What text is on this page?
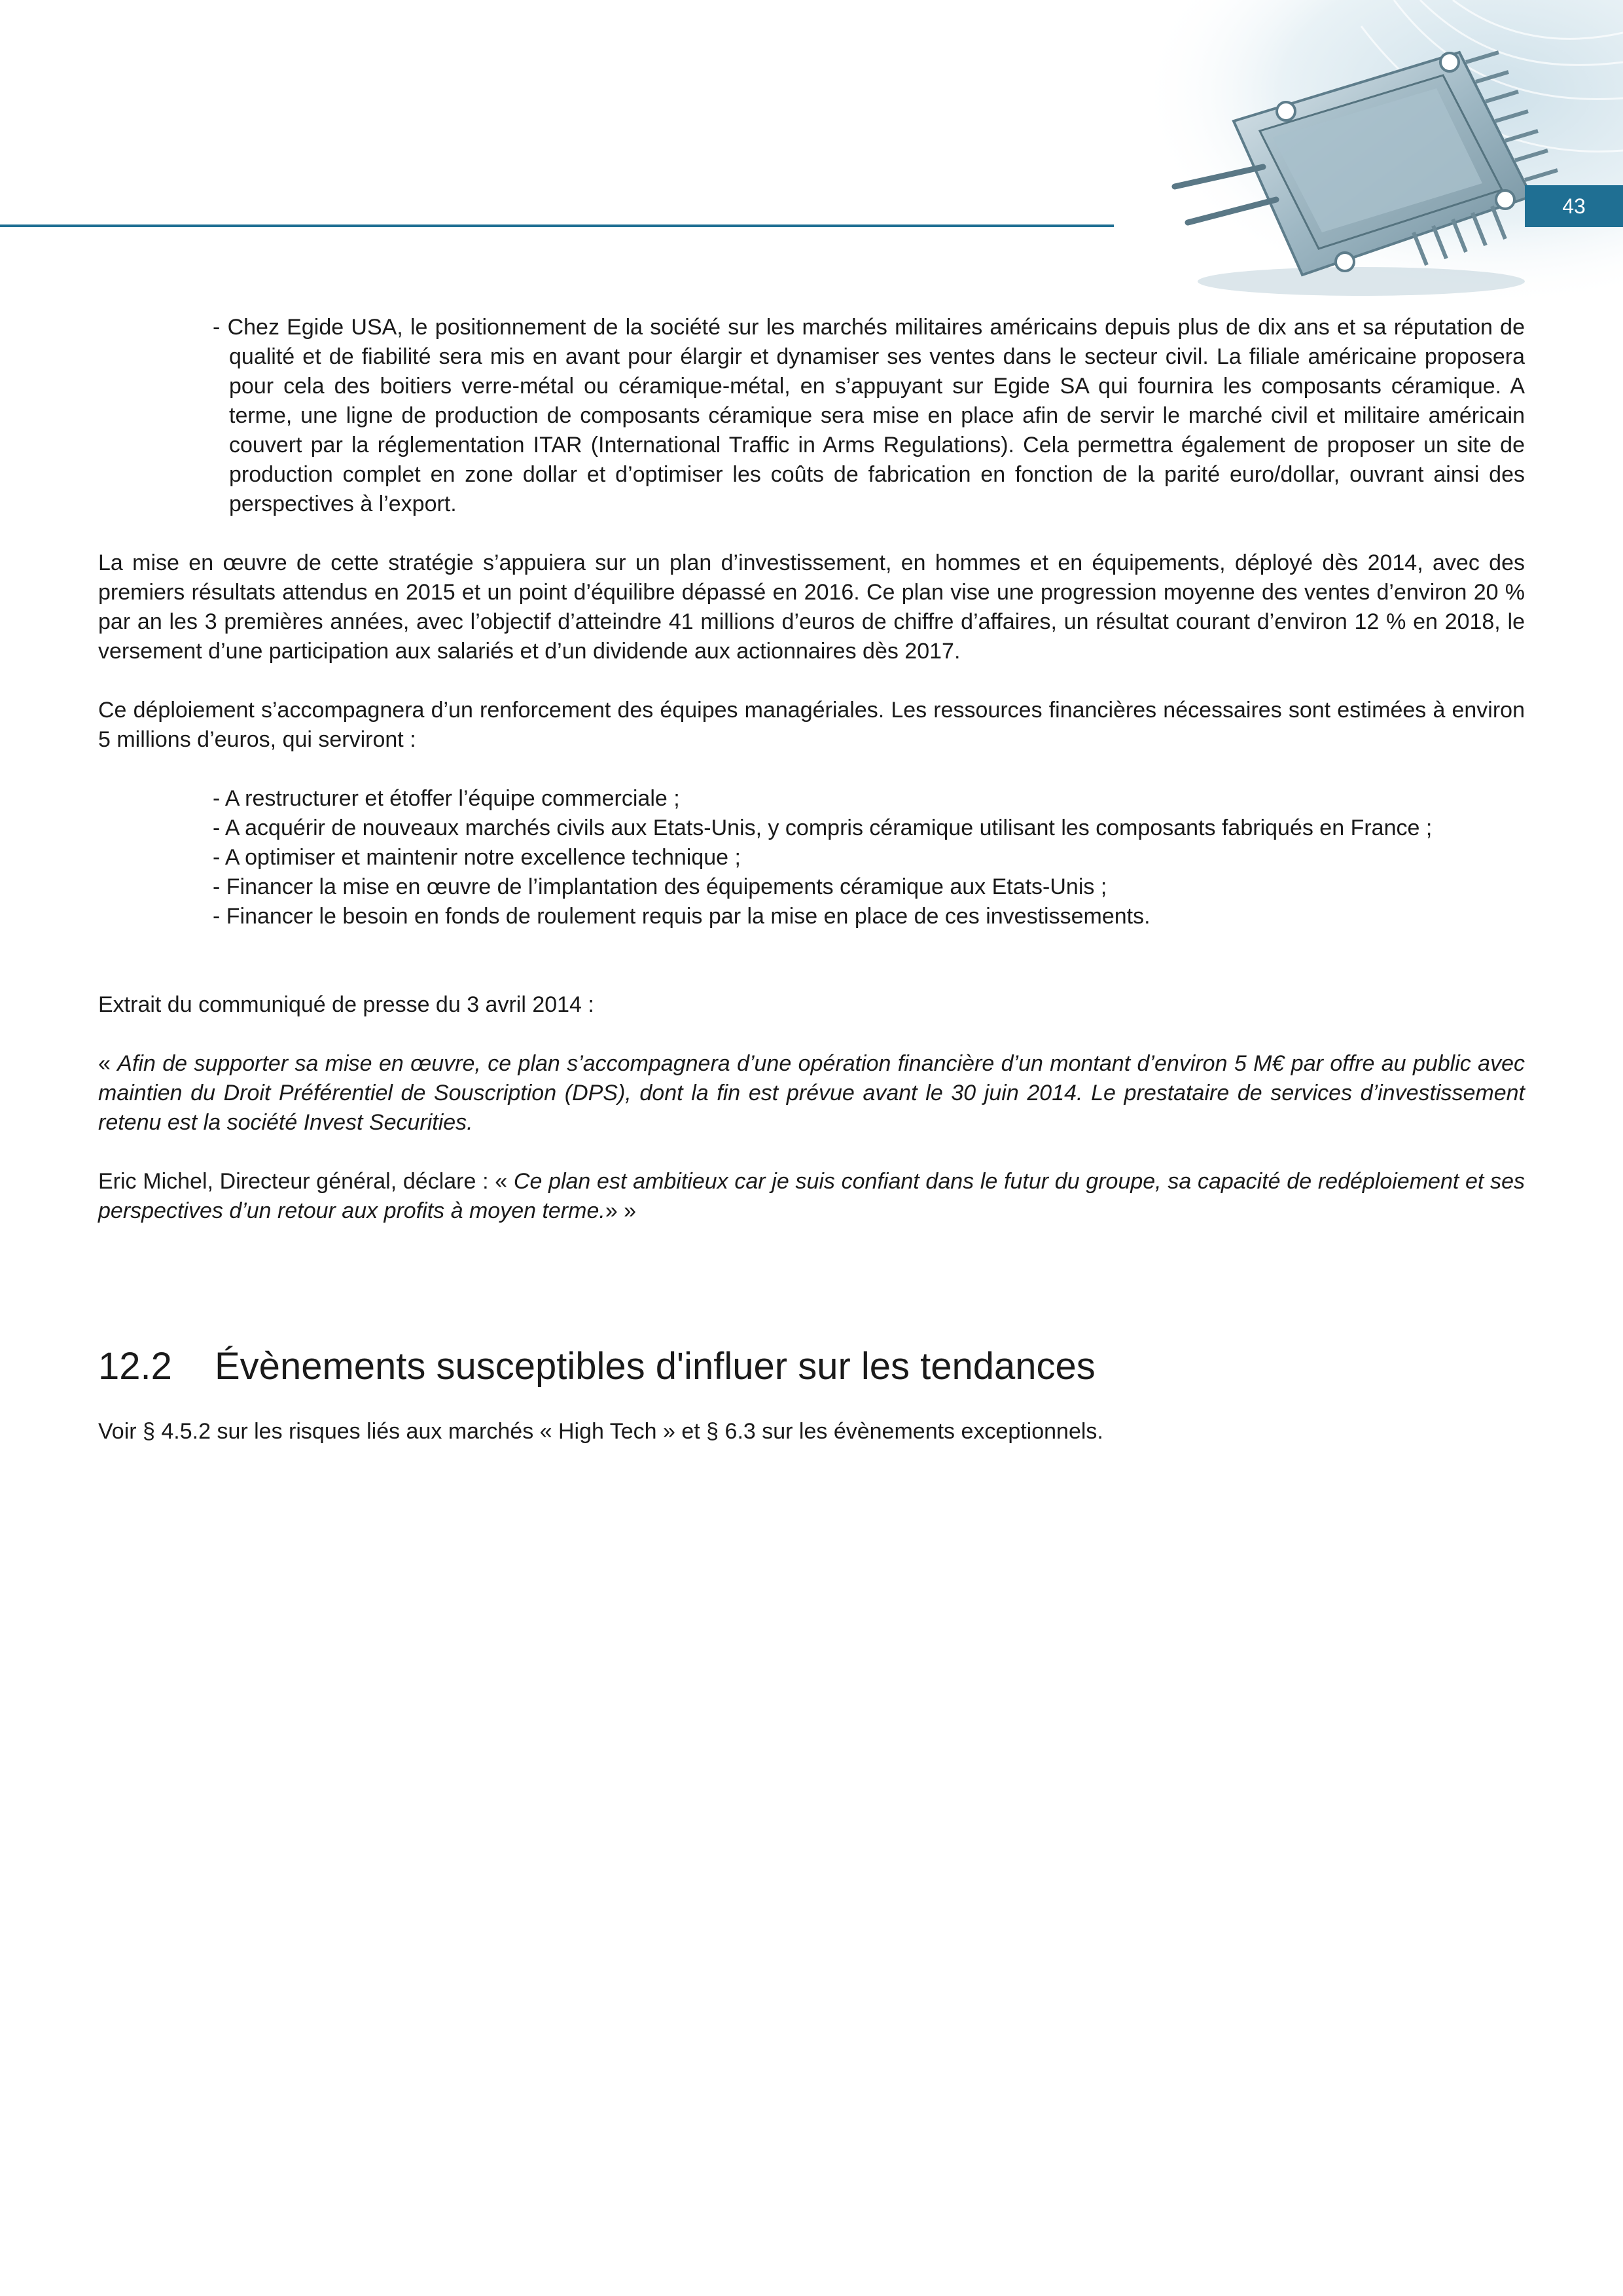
43

- Chez Egide USA, le positionnement de la société sur les marchés militaires américains depuis plus de dix ans et sa réputation de qualité et de fiabilité sera mis en avant pour élargir et dynamiser ses ventes dans le secteur civil. La filiale américaine proposera pour cela des boitiers verre-métal ou céramique-métal, en s’appuyant sur Egide SA qui fournira les composants céramique. A terme, une ligne de production de composants céramique sera mise en place afin de servir le marché civil et militaire américain couvert par la réglementation ITAR (International Traffic in Arms Regulations). Cela permettra également de proposer un site de production complet en zone dollar et d’optimiser les coûts de fabrication en fonction de la parité euro/dollar, ouvrant ainsi des perspectives à l’export.

La mise en œuvre de cette stratégie s’appuiera sur un plan d’investissement, en hommes et en équipements, déployé dès 2014, avec des premiers résultats attendus en 2015 et un point d’équilibre dépassé en 2016. Ce plan vise une progression moyenne des ventes d’environ 20 % par an les 3 premières années, avec l’objectif d’atteindre 41 millions d’euros de chiffre d’affaires, un résultat courant d’environ 12 % en 2018, le versement d’une participation aux salariés et d’un dividende aux actionnaires dès 2017.

Ce déploiement s’accompagnera d’un renforcement des équipes managériales. Les ressources financières nécessaires sont estimées à environ 5 millions d’euros, qui serviront :

- A restructurer et étoffer l’équipe commerciale ;
- A acquérir de nouveaux marchés civils aux Etats-Unis, y compris céramique utilisant les composants fabriqués en France ;
- A optimiser et maintenir notre excellence technique ;
- Financer la mise en œuvre de l’implantation des équipements céramique aux Etats-Unis ;
- Financer le besoin en fonds de roulement requis par la mise en place de ces investissements.

Extrait du communiqué de presse du 3 avril 2014 :

« Afin de supporter sa mise en œuvre, ce plan s’accompagnera d’une opération financière d’un montant d’environ 5 M€ par offre au public avec maintien du Droit Préférentiel de Souscription (DPS), dont la fin est prévue avant le 30 juin 2014. Le prestataire de services d’investissement retenu est la société Invest Securities.

Eric Michel, Directeur général, déclare : « Ce plan est ambitieux car je suis confiant dans le futur du groupe, sa capacité de redéploiement et ses perspectives d’un retour aux profits à moyen terme.» »

12.2 Évènements susceptibles d'influer sur les tendances

Voir § 4.5.2 sur les risques liés aux marchés « High Tech » et § 6.3 sur les évènements exceptionnels.
